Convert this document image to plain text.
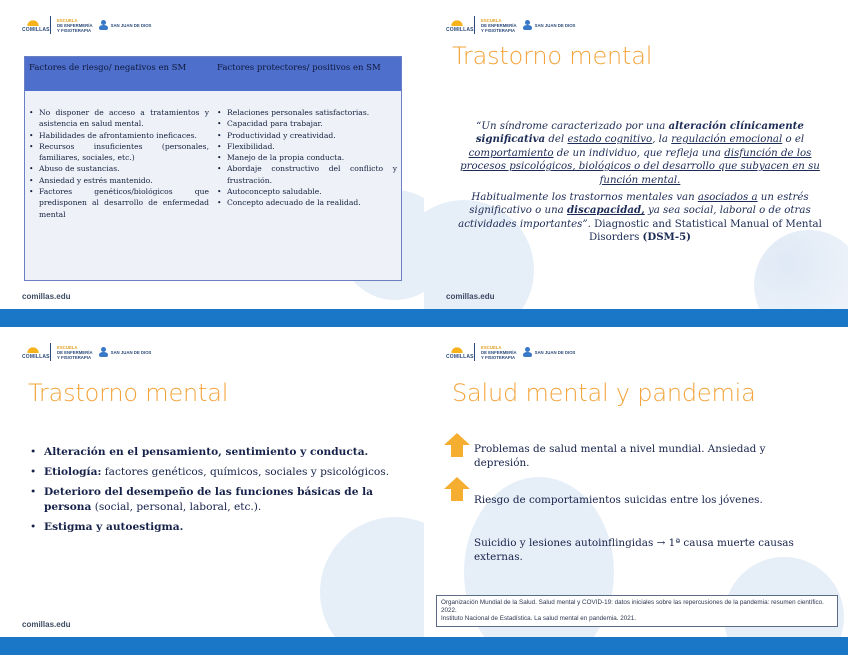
COMILLAS
ESCUELA
DE ENFERMERÍA
Y FISIOTERAPIA
SAN JUAN DE DIOS
Factores de riesgo/ negativos en SM	Factores protectores/ positivos en SM
• No disponer de acceso a tratamientos y asistencia en salud mental.
• Habilidades de afrontamiento ineficaces.
• Recursos insuficientes (personales, familiares, sociales, etc.)
• Abuso de sustancias.
• Ansiedad y estrés mantenido.
• Factores genéticos/biológicos que predisponen al desarrollo de enfermedad mental
• Relaciones personales satisfactorias.
• Capacidad para trabajar.
• Productividad y creatividad.
• Flexibilidad.
• Manejo de la propia conducta.
• Abordaje constructivo del conflicto y frustración.
• Autoconcepto saludable.
• Concepto adecuado de la realidad.
comillas.edu
COMILLAS
ESCUELA
DE ENFERMERÍA
Y FISIOTERAPIA
SAN JUAN DE DIOS
Trastorno mental
“Un síndrome caracterizado por una alteración clínicamente significativa del estado cognitivo, la regulación emocional o el comportamiento de un individuo, que refleja una disfunción de los procesos psicológicos, biológicos o del desarrollo que subyacen en su función mental.
Habitualmente los trastornos mentales van asociados a un estrés significativo o una discapacidad, ya sea social, laboral o de otras actividades importantes”. Diagnostic and Statistical Manual of Mental Disorders (DSM-5)
comillas.edu
COMILLAS
ESCUELA
DE ENFERMERÍA
Y FISIOTERAPIA
SAN JUAN DE DIOS
Trastorno mental
• Alteración en el pensamiento, sentimiento y conducta.
• Etiología: factores genéticos, químicos, sociales y psicológicos.
• Deterioro del desempeño de las funciones básicas de la persona (social, personal, laboral, etc.).
• Estigma y autoestigma.
comillas.edu
COMILLAS
ESCUELA
DE ENFERMERÍA
Y FISIOTERAPIA
SAN JUAN DE DIOS
Salud mental y pandemia
Problemas de salud mental a nivel mundial. Ansiedad y depresión.
Riesgo de comportamientos suicidas entre los jóvenes.
Suicidio y lesiones autoinflingidas → 1ª causa muerte causas externas.
Organización Mundial de la Salud. Salud mental y COVID-19: datos iniciales sobre las repercusiones de la pandemia: resumen científico. 2022.
Instituto Nacional de Estadística. La salud mental en pandemia. 2021.
